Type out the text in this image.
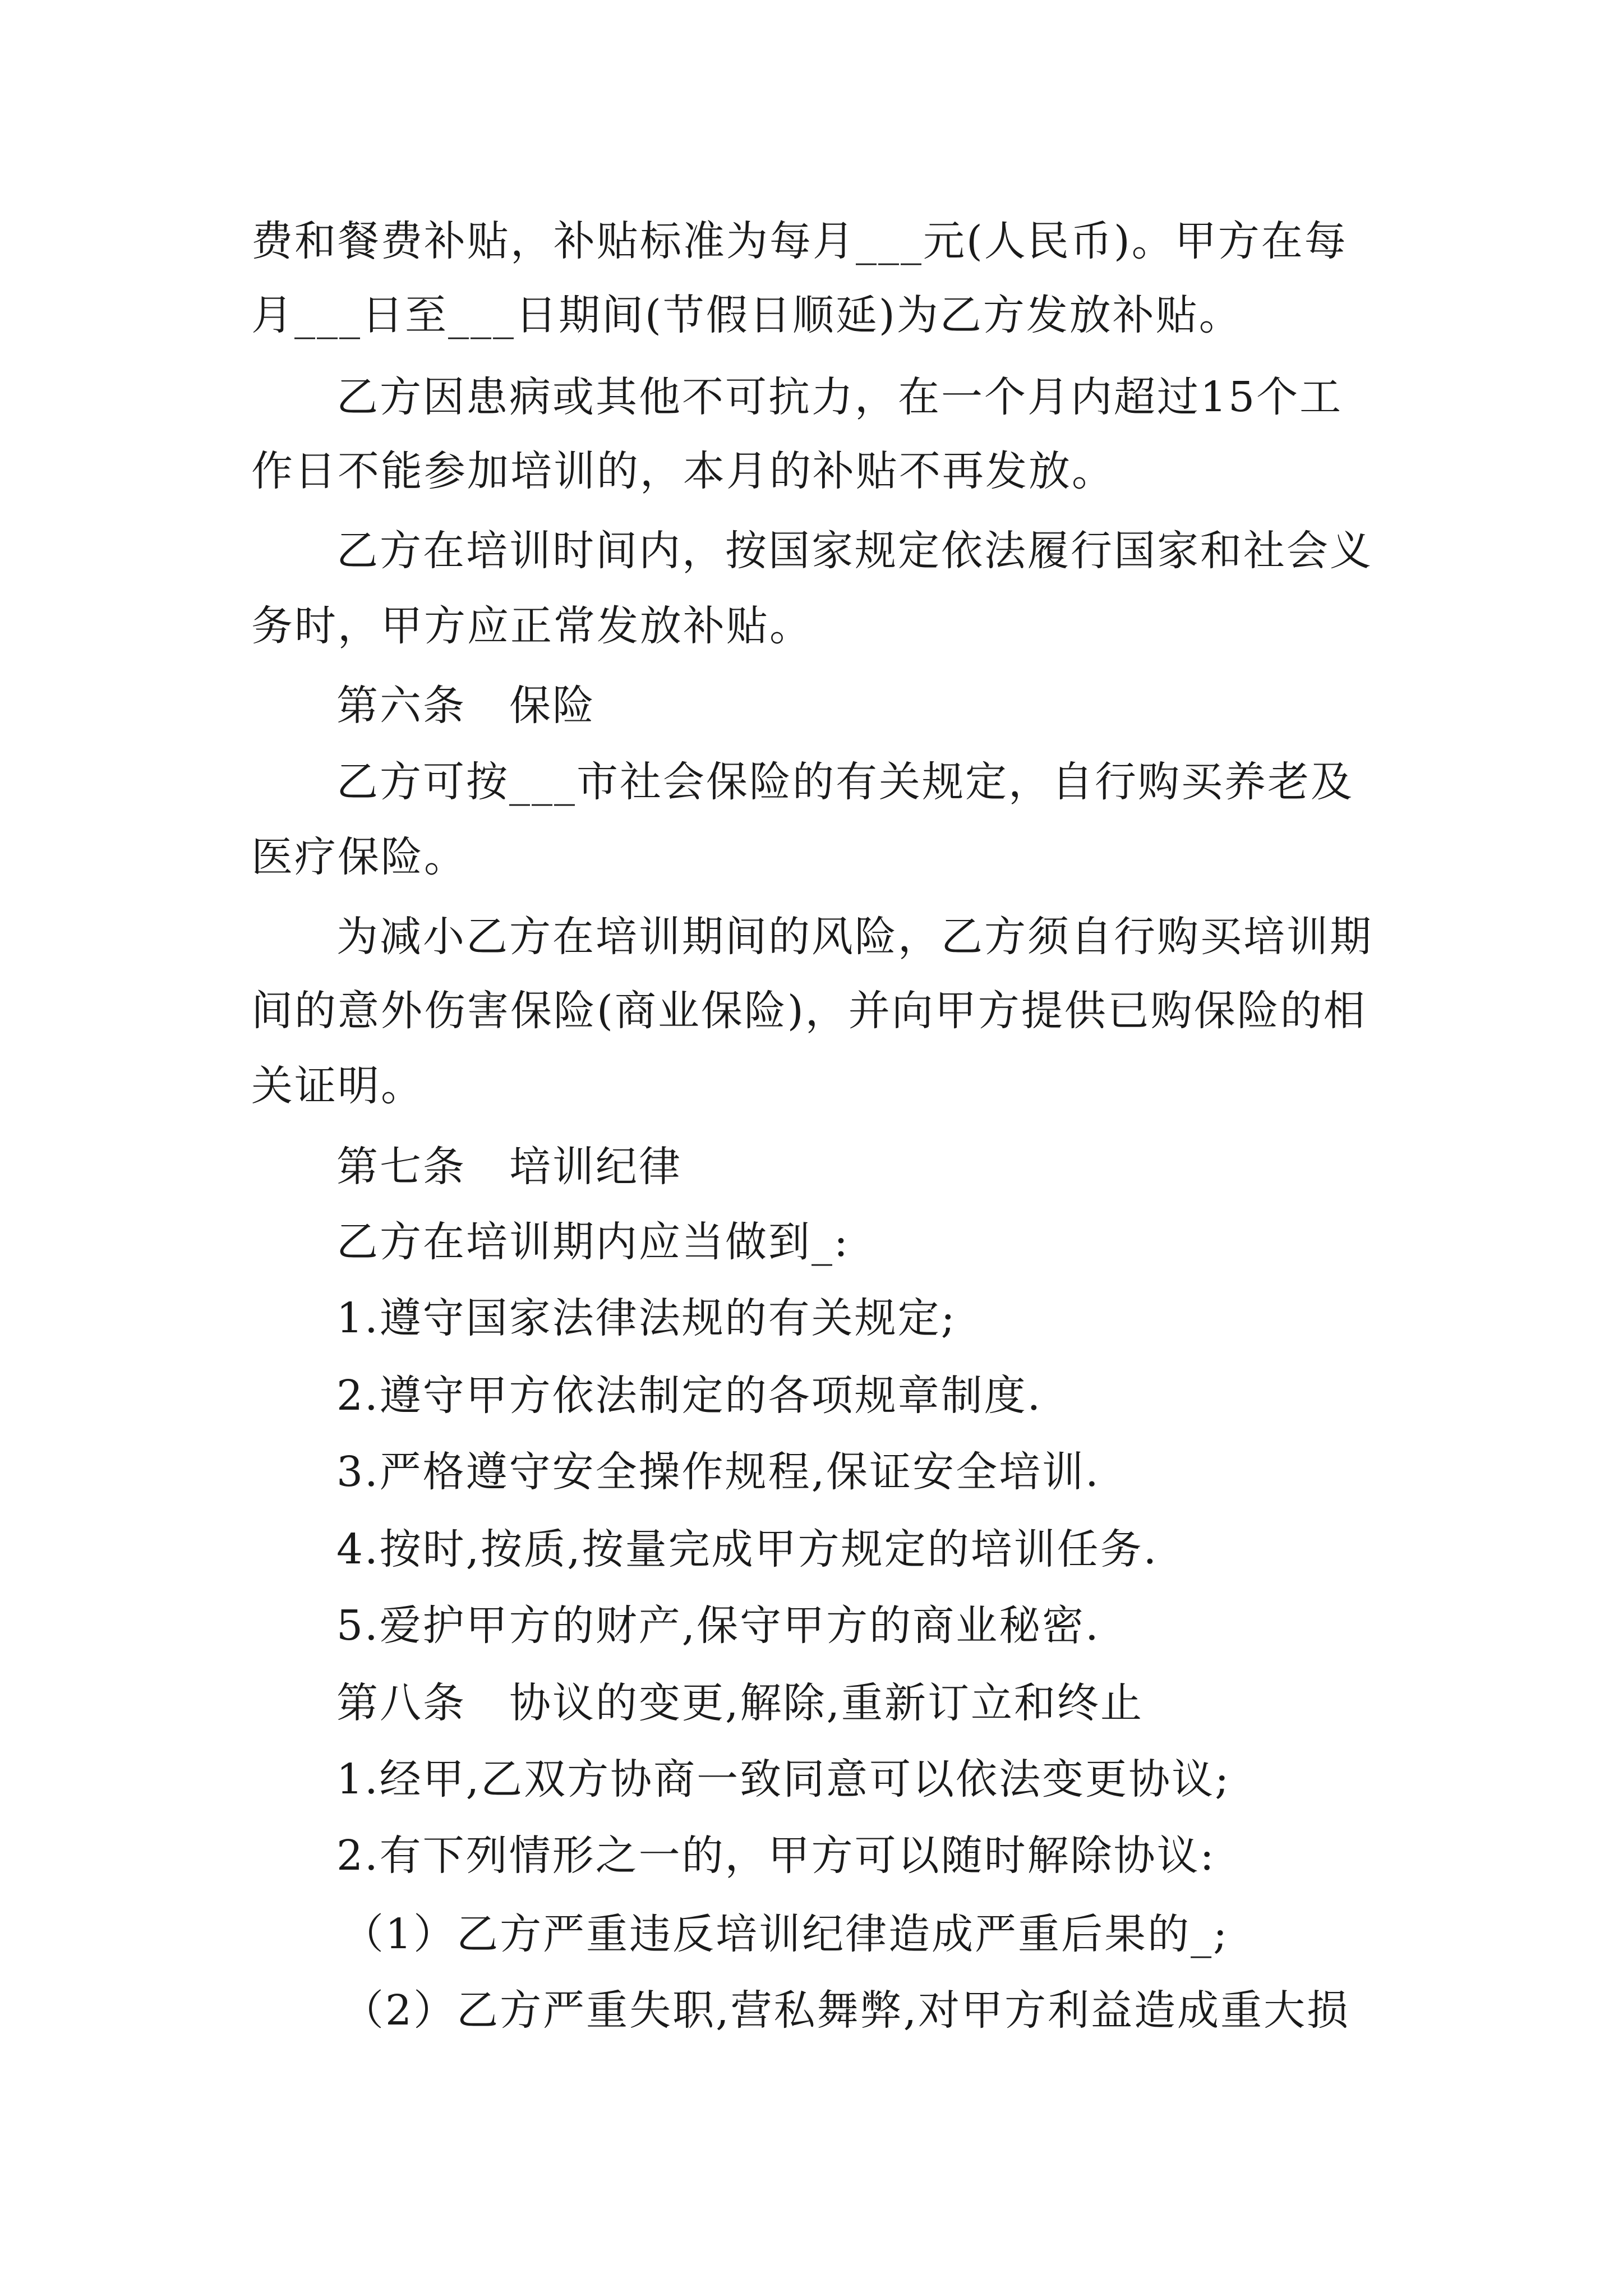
费和餐费补贴，补贴标准为每月___元(人民币)。甲方在每
月___日至___日期间(节假日顺延)为乙方发放补贴。
乙方因患病或其他不可抗力，在一个月内超过15个工
作日不能参加培训的，本月的补贴不再发放。
乙方在培训时间内，按国家规定依法履行国家和社会义
务时，甲方应正常发放补贴。
第六条　保险
乙方可按___市社会保险的有关规定，自行购买养老及
医疗保险。
为减小乙方在培训期间的风险，乙方须自行购买培训期
间的意外伤害保险(商业保险)，并向甲方提供已购保险的相
关证明。
第七条　培训纪律
乙方在培训期内应当做到_:
1.遵守国家法律法规的有关规定;
2.遵守甲方依法制定的各项规章制度.
3.严格遵守安全操作规程,保证安全培训.
4.按时,按质,按量完成甲方规定的培训任务.
5.爱护甲方的财产,保守甲方的商业秘密.
第八条　协议的变更,解除,重新订立和终止
1.经甲,乙双方协商一致同意可以依法变更协议;
2.有下列情形之一的，甲方可以随时解除协议:
（1）乙方严重违反培训纪律造成严重后果的_;
（2）乙方严重失职,营私舞弊,对甲方利益造成重大损
